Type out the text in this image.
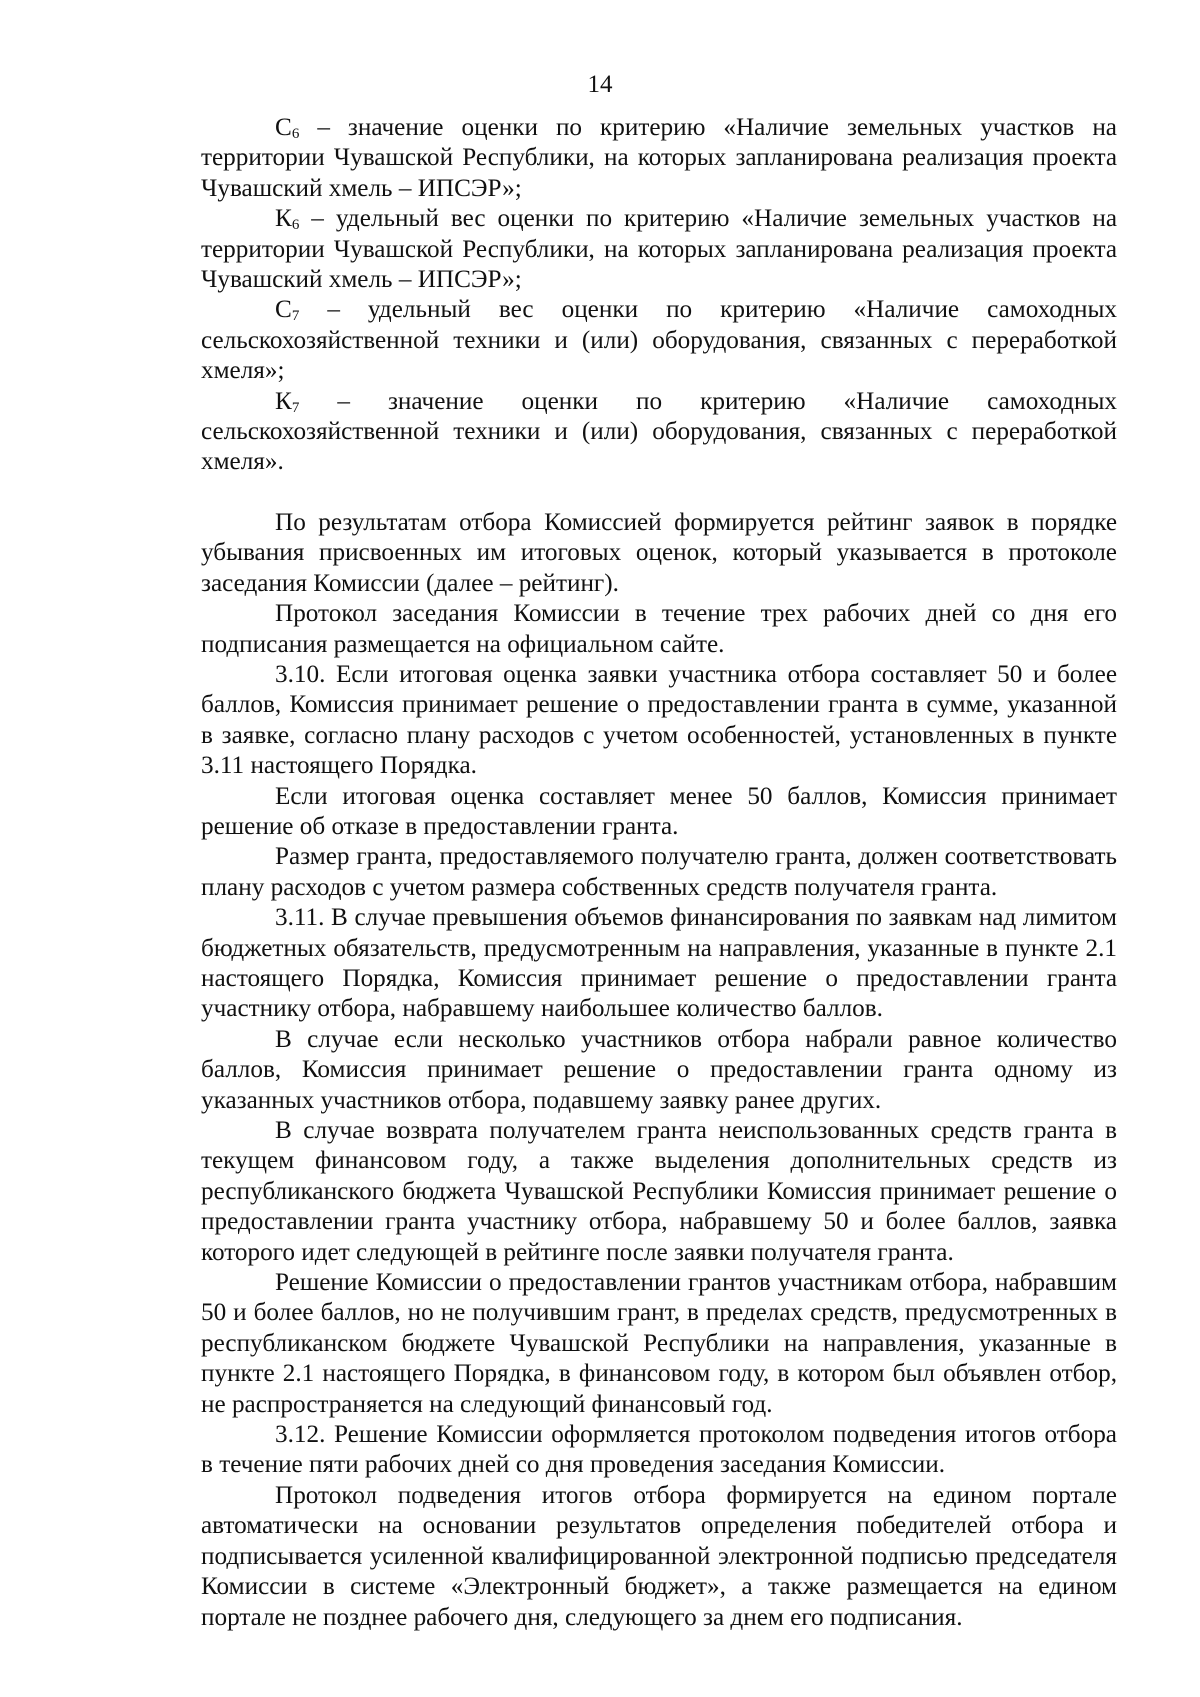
14

$С_6$ – значение оценки по критерию «Наличие земельных участков на территории Чувашской Республики, на которых запланирована реализация проекта Чувашский хмель – ИПСЭР»;

$К_6$ – удельный вес оценки по критерию «Наличие земельных участков на территории Чувашской Республики, на которых запланирована реализация проекта Чувашский хмель – ИПСЭР»;

$С_7$ – удельный вес оценки по критерию «Наличие самоходных сельскохозяйственной техники и (или) оборудования, связанных с переработкой хмеля»;

$К_7$ – значение оценки по критерию «Наличие самоходных сельскохозяйственной техники и (или) оборудования, связанных с переработкой хмеля».

По результатам отбора Комиссией формируется рейтинг заявок в порядке убывания присвоенных им итоговых оценок, который указывается в протоколе заседания Комиссии (далее – рейтинг).

Протокол заседания Комиссии в течение трех рабочих дней со дня его подписания размещается на официальном сайте.

3.10. Если итоговая оценка заявки участника отбора составляет 50 и более баллов, Комиссия принимает решение о предоставлении гранта в сумме, указанной в заявке, согласно плану расходов с учетом особенностей, установленных в пункте 3.11 настоящего Порядка.

Если итоговая оценка составляет менее 50 баллов, Комиссия принимает решение об отказе в предоставлении гранта.

Размер гранта, предоставляемого получателю гранта, должен соответствовать плану расходов с учетом размера собственных средств получателя гранта.

3.11. В случае превышения объемов финансирования по заявкам над лимитом бюджетных обязательств, предусмотренным на направления, указанные в пункте 2.1 настоящего Порядка, Комиссия принимает решение о предоставлении гранта участнику отбора, набравшему наибольшее количество баллов.

В случае если несколько участников отбора набрали равное количество баллов, Комиссия принимает решение о предоставлении гранта одному из указанных участников отбора, подавшему заявку ранее других.

В случае возврата получателем гранта неиспользованных средств гранта в текущем финансовом году, а также выделения дополнительных средств из республиканского бюджета Чувашской Республики Комиссия принимает решение о предоставлении гранта участнику отбора, набравшему 50 и более баллов, заявка которого идет следующей в рейтинге после заявки получателя гранта.

Решение Комиссии о предоставлении грантов участникам отбора, набравшим 50 и более баллов, но не получившим грант, в пределах средств, предусмотренных в республиканском бюджете Чувашской Республики на направления, указанные в пункте 2.1 настоящего Порядка, в финансовом году, в котором был объявлен отбор, не распространяется на следующий финансовый год.

3.12. Решение Комиссии оформляется протоколом подведения итогов отбора в течение пяти рабочих дней со дня проведения заседания Комиссии.

Протокол подведения итогов отбора формируется на едином портале автоматически на основании результатов определения победителей отбора и подписывается усиленной квалифицированной электронной подписью председателя Комиссии в системе «Электронный бюджет», а также размещается на едином портале не позднее рабочего дня, следующего за днем его подписания.
